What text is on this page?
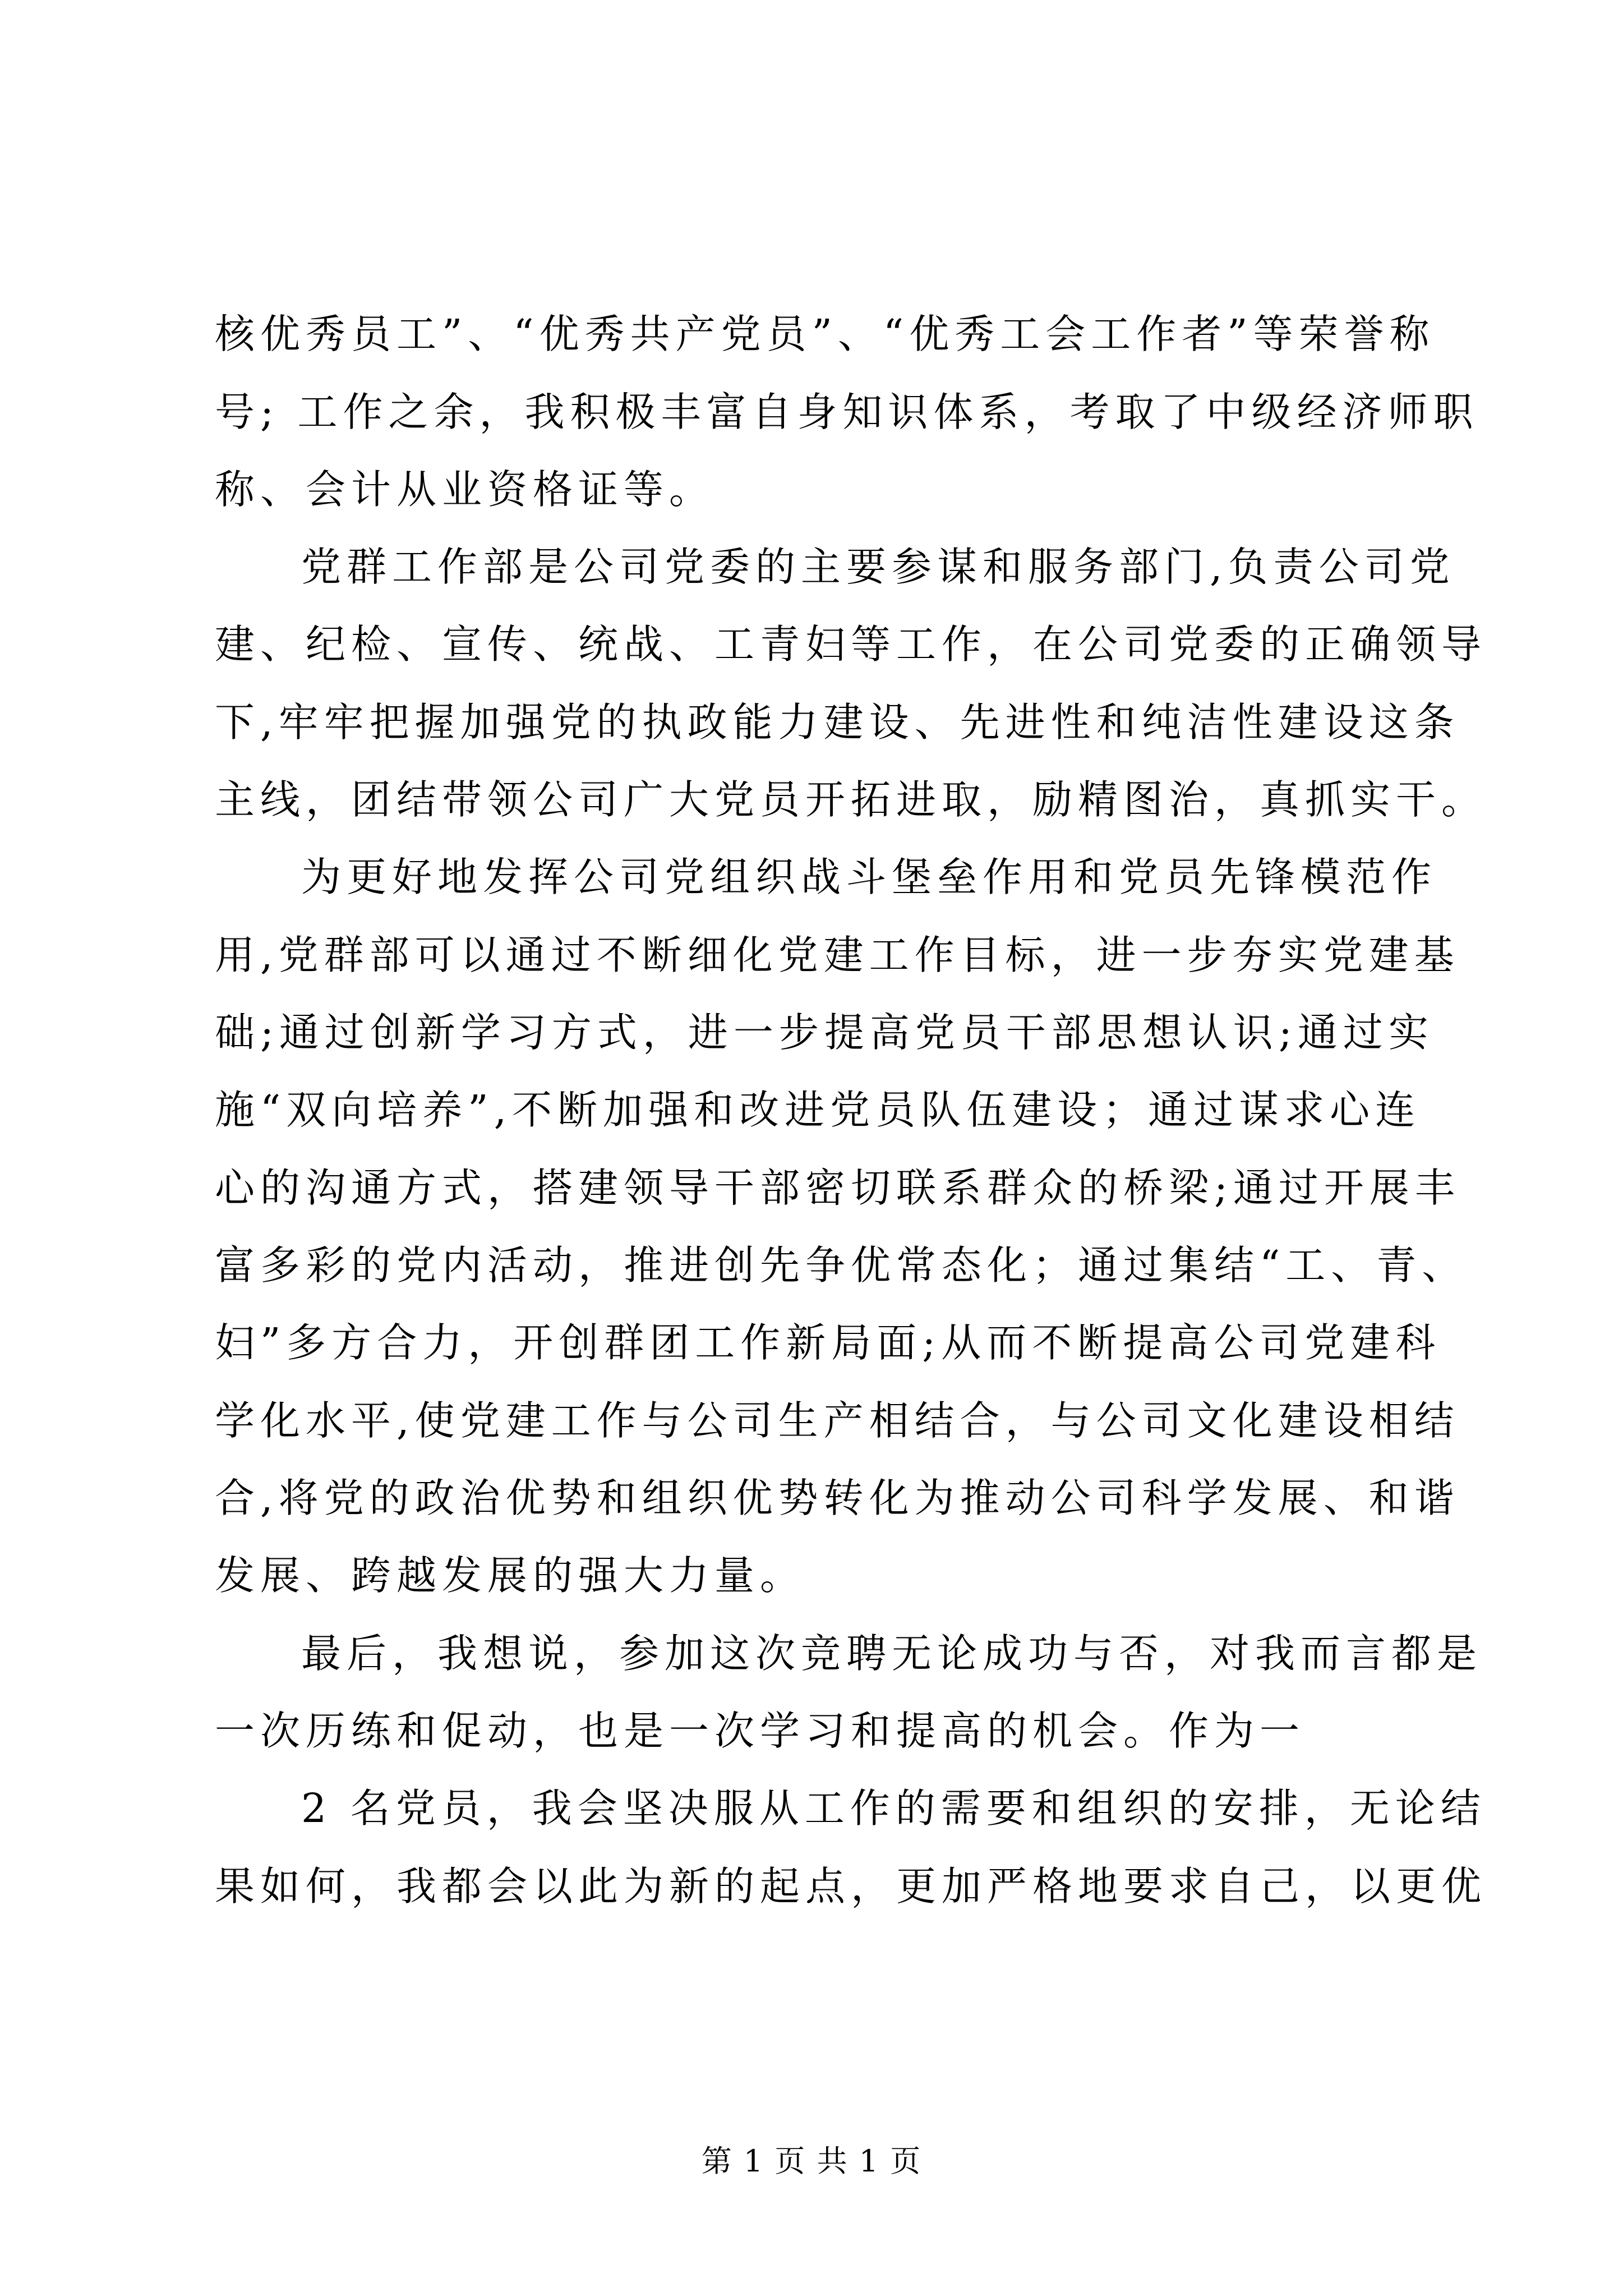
核优秀员工”、“优秀共产党员”、“优秀工会工作者”等荣誉称
号; 工作之余，我积极丰富自身知识体系，考取了中级经济师职
称、会计从业资格证等。
党群工作部是公司党委的主要参谋和服务部门,负责公司党
建、纪检、宣传、统战、工青妇等工作，在公司党委的正确领导
下,牢牢把握加强党的执政能力建设、先进性和纯洁性建设这条
主线，团结带领公司广大党员开拓进取，励精图治，真抓实干。
为更好地发挥公司党组织战斗堡垒作用和党员先锋模范作
用,党群部可以通过不断细化党建工作目标，进一步夯实党建基
础;通过创新学习方式，进一步提高党员干部思想认识;通过实
施“双向培养”,不断加强和改进党员队伍建设；通过谋求心连
心的沟通方式，搭建领导干部密切联系群众的桥梁;通过开展丰
富多彩的党内活动，推进创先争优常态化；通过集结“工、青、
妇”多方合力，开创群团工作新局面;从而不断提高公司党建科
学化水平,使党建工作与公司生产相结合，与公司文化建设相结
合,将党的政治优势和组织优势转化为推动公司科学发展、和谐
发展、跨越发展的强大力量。
最后，我想说，参加这次竞聘无论成功与否，对我而言都是
一次历练和促动，也是一次学习和提高的机会。作为一
2 名党员，我会坚决服从工作的需要和组织的安排，无论结
果如何，我都会以此为新的起点，更加严格地要求自己，以更优
第 1 页 共 1 页
